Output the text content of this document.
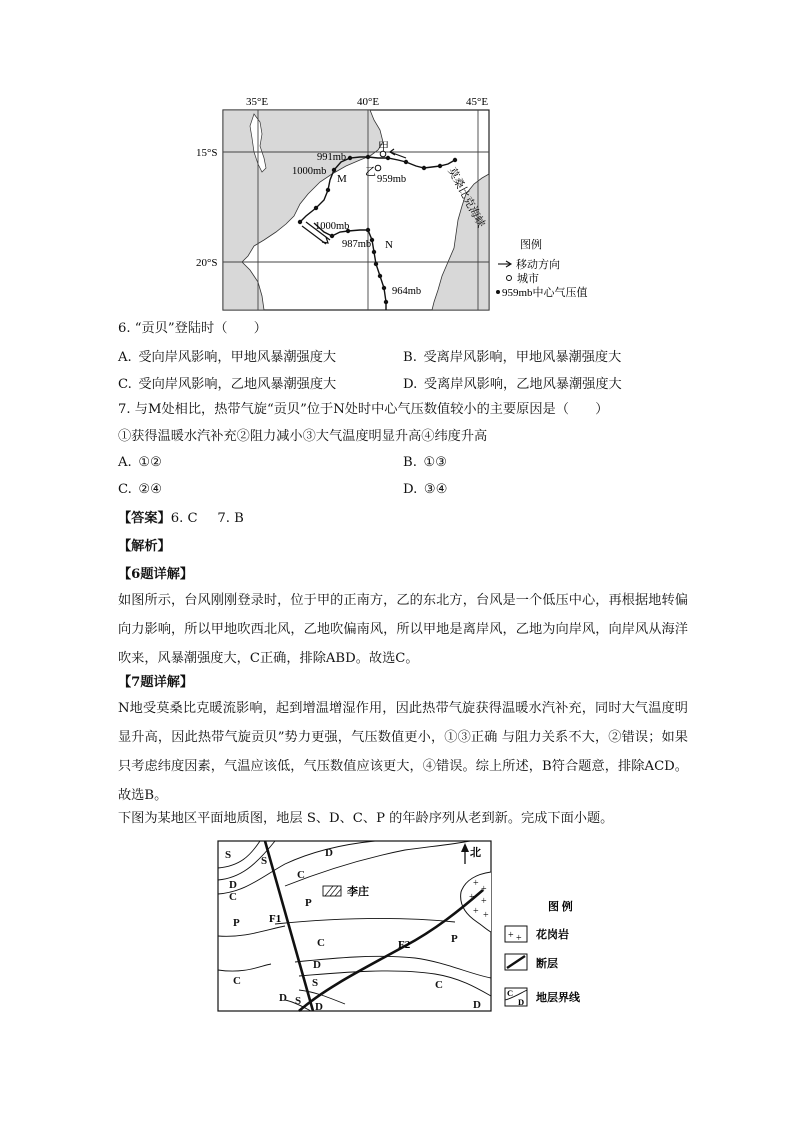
35°E	40°E	45°E
15°S
20°S
甲
乙
M
N
991mb
1000mb
959mb
1000mb
987mb
964mb
莫桑比克海峡
图例
移动方向
城市
959mb中心气压值
6. “贡贝”登陆时（　　）
A.  受向岸风影响，甲地风暴潮强度大	B.  受离岸风影响，甲地风暴潮强度大
C.  受向岸风影响，乙地风暴潮强度大	D.  受离岸风影响，乙地风暴潮强度大
7. 与M处相比，热带气旋“贡贝”位于N处时中心气压数值较小的主要原因是（　　）
①获得温暖水汽补充②阻力减小③大气温度明显升高④纬度升高
A.  ①②	B.  ①③
C.  ②④	D.  ③④
【答案】6. C　  7. B
【解析】
【6题详解】
如图所示，台风刚刚登录时，位于甲的正南方，乙的东北方，台风是一个低压中心，再根据地转偏向力影响，所以甲地吹西北风，乙地吹偏南风，所以甲地是离岸风，乙地为向岸风，向岸风从海洋吹来，风暴潮强度大，C正确，排除ABD。故选C。
【7题详解】
N地受莫桑比克暖流影响，起到增温增湿作用，因此热带气旋获得温暖水汽补充，同时大气温度明显升高，因此热带气旋贡贝”势力更强，气压数值更小，①③正确 与阻力关系不大，②错误；如果只考虑纬度因素，气温应该低，气压数值应该更大，④错误。综上所述，B符合题意，排除ACD。故选B。
下图为某地区平面地质图，地层 S、D、C、P 的年龄序列从老到新。完成下面小题。
+
+
+ +
+ +
李庄
北
F1
F2
S	S
D
C
D
C
P
P
C
D
S
C
D S D
P
C
D
图 例
+ + 花岗岩
断层
C
D 地层界线
